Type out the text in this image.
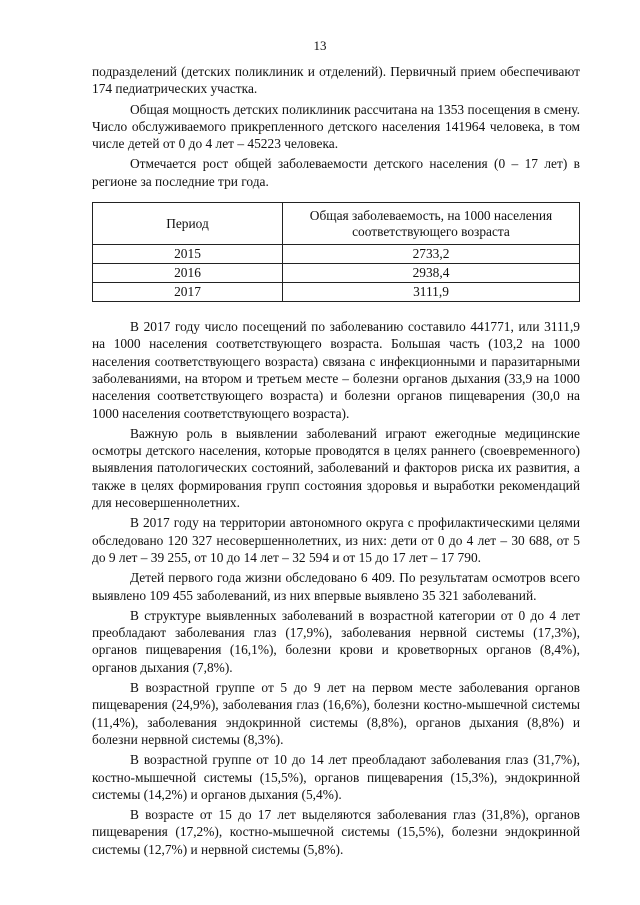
13

подразделений (детских поликлиник и отделений). Первичный прием обеспечивают 174 педиатрических участка.

Общая мощность детских поликлиник рассчитана на 1353 посещения в смену. Число обслуживаемого прикрепленного детского населения 141964 человека, в том числе детей от 0 до 4 лет – 45223 человека.

Отмечается рост общей заболеваемости детского населения (0 – 17 лет) в регионе за последние три года.

Период	Общая заболеваемость, на 1000 населения соответствующего возраста
2015	2733,2
2016	2938,4
2017	3111,9

В 2017 году число посещений по заболеванию составило 441771, или 3111,9 на 1000 населения соответствующего возраста. Большая часть (103,2 на 1000 населения соответствующего возраста) связана с инфекционными и паразитарными заболеваниями, на втором и третьем месте – болезни органов дыхания (33,9 на 1000 населения соответствующего возраста) и болезни органов пищеварения (30,0 на 1000 населения соответствующего возраста).

Важную роль в выявлении заболеваний играют ежегодные медицинские осмотры детского населения, которые проводятся в целях раннего (своевременного) выявления патологических состояний, заболеваний и факторов риска их развития, а также в целях формирования групп состояния здоровья и выработки рекомендаций для несовершеннолетних.

В 2017 году на территории автономного округа с профилактическими целями обследовано 120 327 несовершеннолетних, из них: дети от 0 до 4 лет – 30 688, от 5 до 9 лет – 39 255, от 10 до 14 лет – 32 594 и от 15 до 17 лет – 17 790.

Детей первого года жизни обследовано 6 409. По результатам осмотров всего выявлено 109 455 заболеваний, из них впервые выявлено 35 321 заболеваний.

В структуре выявленных заболеваний в возрастной категории от 0 до 4 лет преобладают заболевания глаз (17,9%), заболевания нервной системы (17,3%), органов пищеварения (16,1%), болезни крови и кроветворных органов (8,4%), органов дыхания (7,8%).

В возрастной группе от 5 до 9 лет на первом месте заболевания органов пищеварения (24,9%), заболевания глаз (16,6%), болезни костно-мышечной системы (11,4%), заболевания эндокринной системы (8,8%), органов дыхания (8,8%) и болезни нервной системы (8,3%).

В возрастной группе от 10 до 14 лет преобладают заболевания глаз (31,7%), костно-мышечной системы (15,5%), органов пищеварения (15,3%), эндокринной системы (14,2%) и органов дыхания (5,4%).

В возрасте от 15 до 17 лет выделяются заболевания глаз (31,8%), органов пищеварения (17,2%), костно-мышечной системы (15,5%), болезни эндокринной системы (12,7%) и нервной системы (5,8%).
